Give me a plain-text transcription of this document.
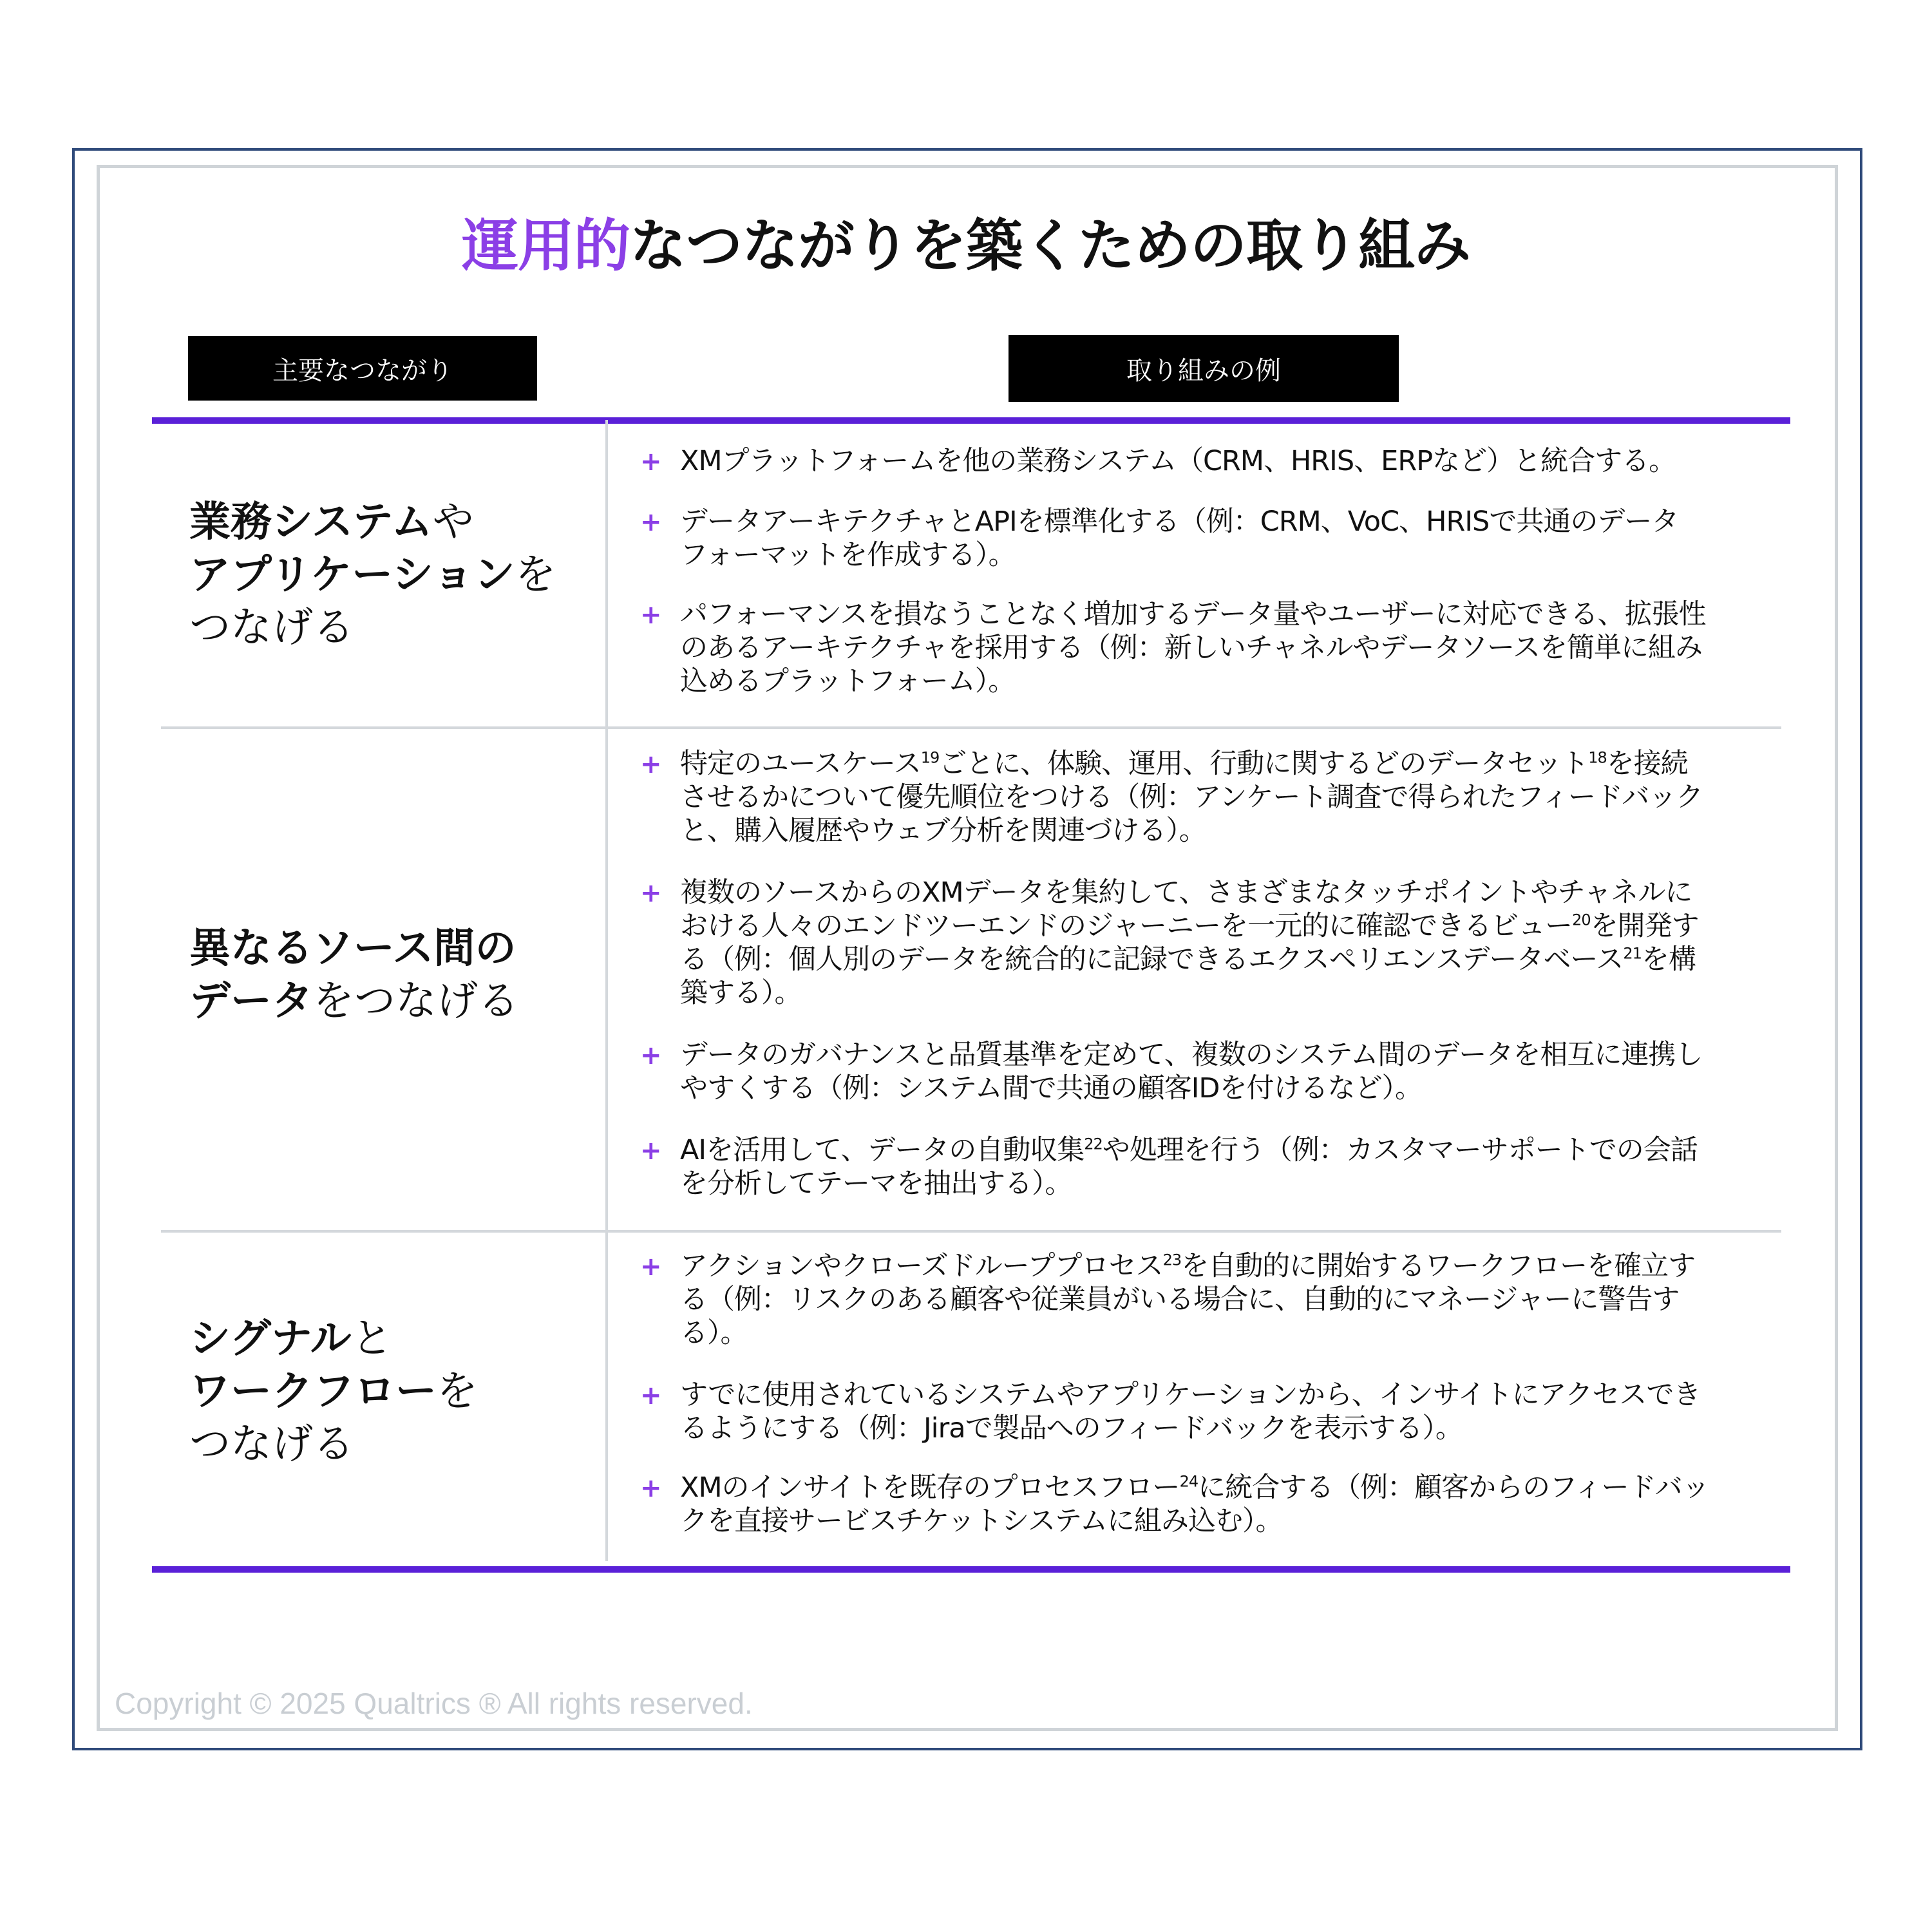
運用的なつながりを築くための取り組み
主要なつながり	取り組みの例
業務システムや
アプリケーションを
つなげる
+ XMプラットフォームを他の業務システム（CRM、HRIS、ERPなど）と統合する。
+ データアーキテクチャとAPIを標準化する（例：CRM、VoC、HRISで共通のデータ
フォーマットを作成する）。
+ パフォーマンスを損なうことなく増加するデータ量やユーザーに対応できる、拡張性
のあるアーキテクチャを採用する（例：新しいチャネルやデータソースを簡単に組み
込めるプラットフォーム）。
異なるソース間の
データをつなげる
+ 特定のユースケース$^{19}$ごとに、体験、運用、行動に関するどのデータセット$^{18}$を接続
させるかについて優先順位をつける（例：アンケート調査で得られたフィードバック
と、購入履歴やウェブ分析を関連づける）。
+ 複数のソースからのXMデータを集約して、さまざまなタッチポイントやチャネルに
おける人々のエンドツーエンドのジャーニーを一元的に確認できるビュー$^{20}$を開発す
る（例：個人別のデータを統合的に記録できるエクスペリエンスデータベース$^{21}$を構
築する）。
+ データのガバナンスと品質基準を定めて、複数のシステム間のデータを相互に連携し
やすくする（例：システム間で共通の顧客IDを付けるなど）。
+ AIを活用して、データの自動収集$^{22}$や処理を行う（例：カスタマーサポートでの会話
を分析してテーマを抽出する）。
シグナルと
ワークフローを
つなげる
+ アクションやクローズドループプロセス$^{23}$を自動的に開始するワークフローを確立す
る（例：リスクのある顧客や従業員がいる場合に、自動的にマネージャーに警告す
る）。
+ すでに使用されているシステムやアプリケーションから、インサイトにアクセスでき
るようにする（例：Jiraで製品へのフィードバックを表示する）。
+ XMのインサイトを既存のプロセスフロー$^{24}$に統合する（例：顧客からのフィードバッ
クを直接サービスチケットシステムに組み込む）。
Copyright © 2025 Qualtrics ® All rights reserved.
